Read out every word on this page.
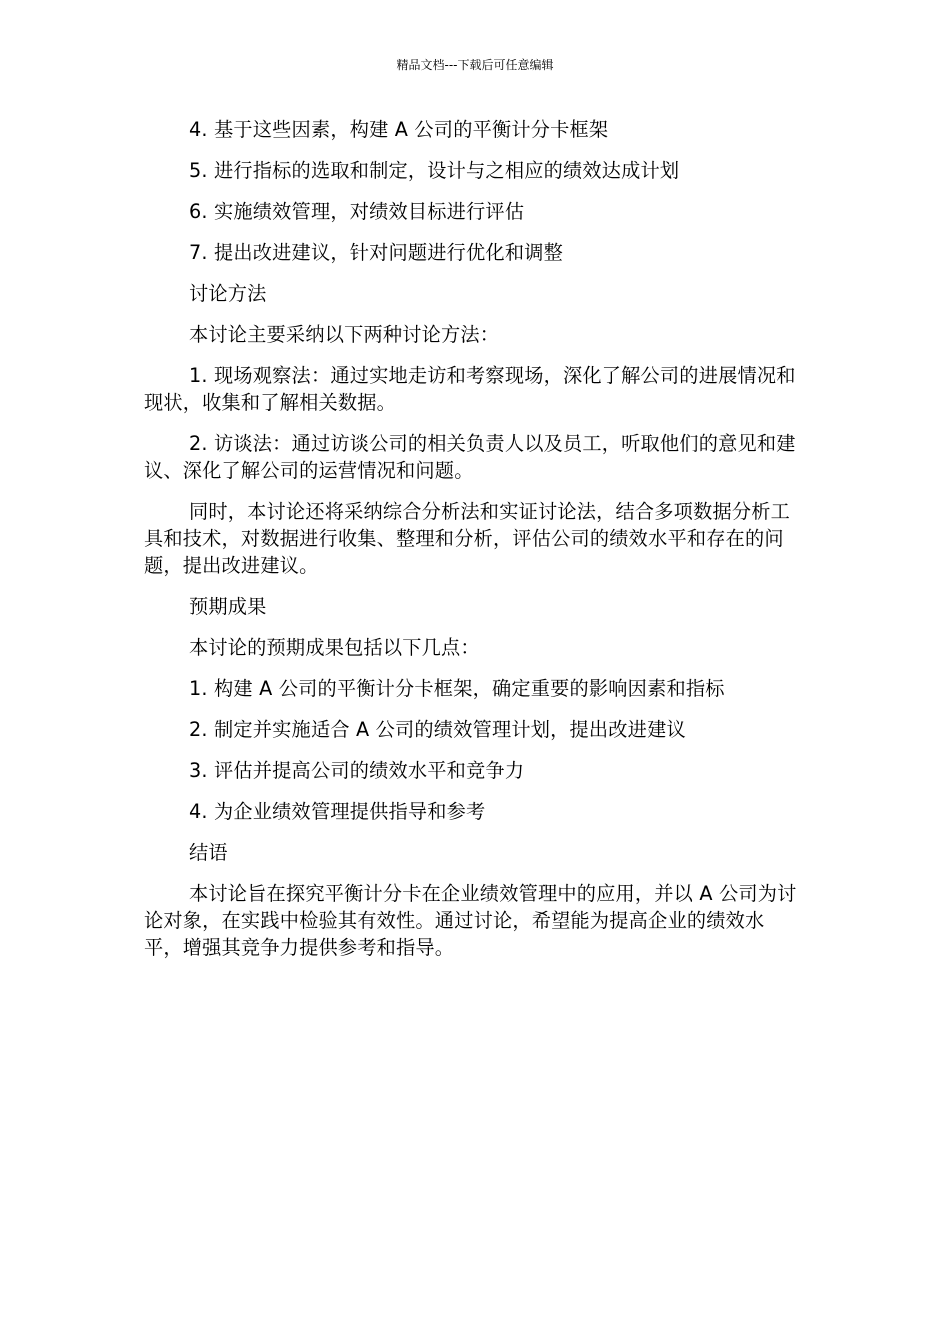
精品文档---下载后可任意编辑

4. 基于这些因素，构建 A 公司的平衡计分卡框架

5. 进行指标的选取和制定，设计与之相应的绩效达成计划

6. 实施绩效管理，对绩效目标进行评估

7. 提出改进建议，针对问题进行优化和调整

讨论方法

本讨论主要采纳以下两种讨论方法：

1. 现场观察法：通过实地走访和考察现场，深化了解公司的进展情况和现状，收集和了解相关数据。

2. 访谈法：通过访谈公司的相关负责人以及员工，听取他们的意见和建议、深化了解公司的运营情况和问题。

同时，本讨论还将采纳综合分析法和实证讨论法，结合多项数据分析工具和技术，对数据进行收集、整理和分析，评估公司的绩效水平和存在的问题，提出改进建议。

预期成果

本讨论的预期成果包括以下几点：

1. 构建 A 公司的平衡计分卡框架，确定重要的影响因素和指标

2. 制定并实施适合 A 公司的绩效管理计划，提出改进建议

3. 评估并提高公司的绩效水平和竞争力

4. 为企业绩效管理提供指导和参考

结语

本讨论旨在探究平衡计分卡在企业绩效管理中的应用，并以 A 公司为讨论对象，在实践中检验其有效性。通过讨论，希望能为提高企业的绩效水平，增强其竞争力提供参考和指导。
